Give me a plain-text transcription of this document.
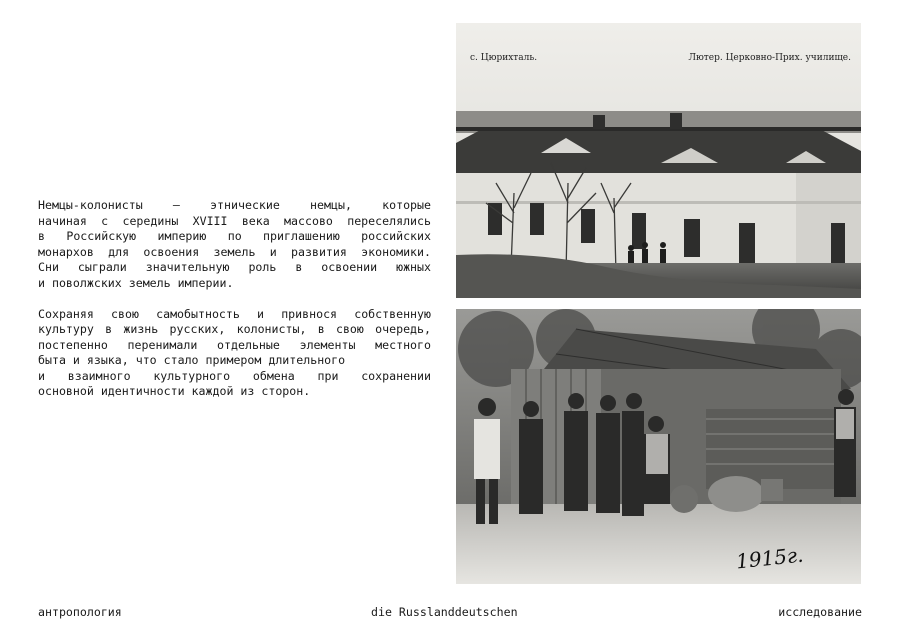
Немцы-колонисты – этнические немцы, которые
начиная с середины XVIII века массово переселялись
в Российскую империю по приглашению российских
монархов для освоения земель и развития экономики.
Сни сыграли значительную роль в освоении южных
и поволжских земель империи.
Сохраняя свою самобытность и привнося собственную
культуру в жизнь русских, колонисты, в свою очередь,
постепенно перенимали отдельные элементы местного
быта и языка, что стало примером длительного
и взаимного культурного обмена при сохранении
основной идентичности каждой из сторон.
с. Цюрихталь.	Лютер. Церковно-Прих. училище.
1915г.
антропология	die Russlanddeutschen	исследование
